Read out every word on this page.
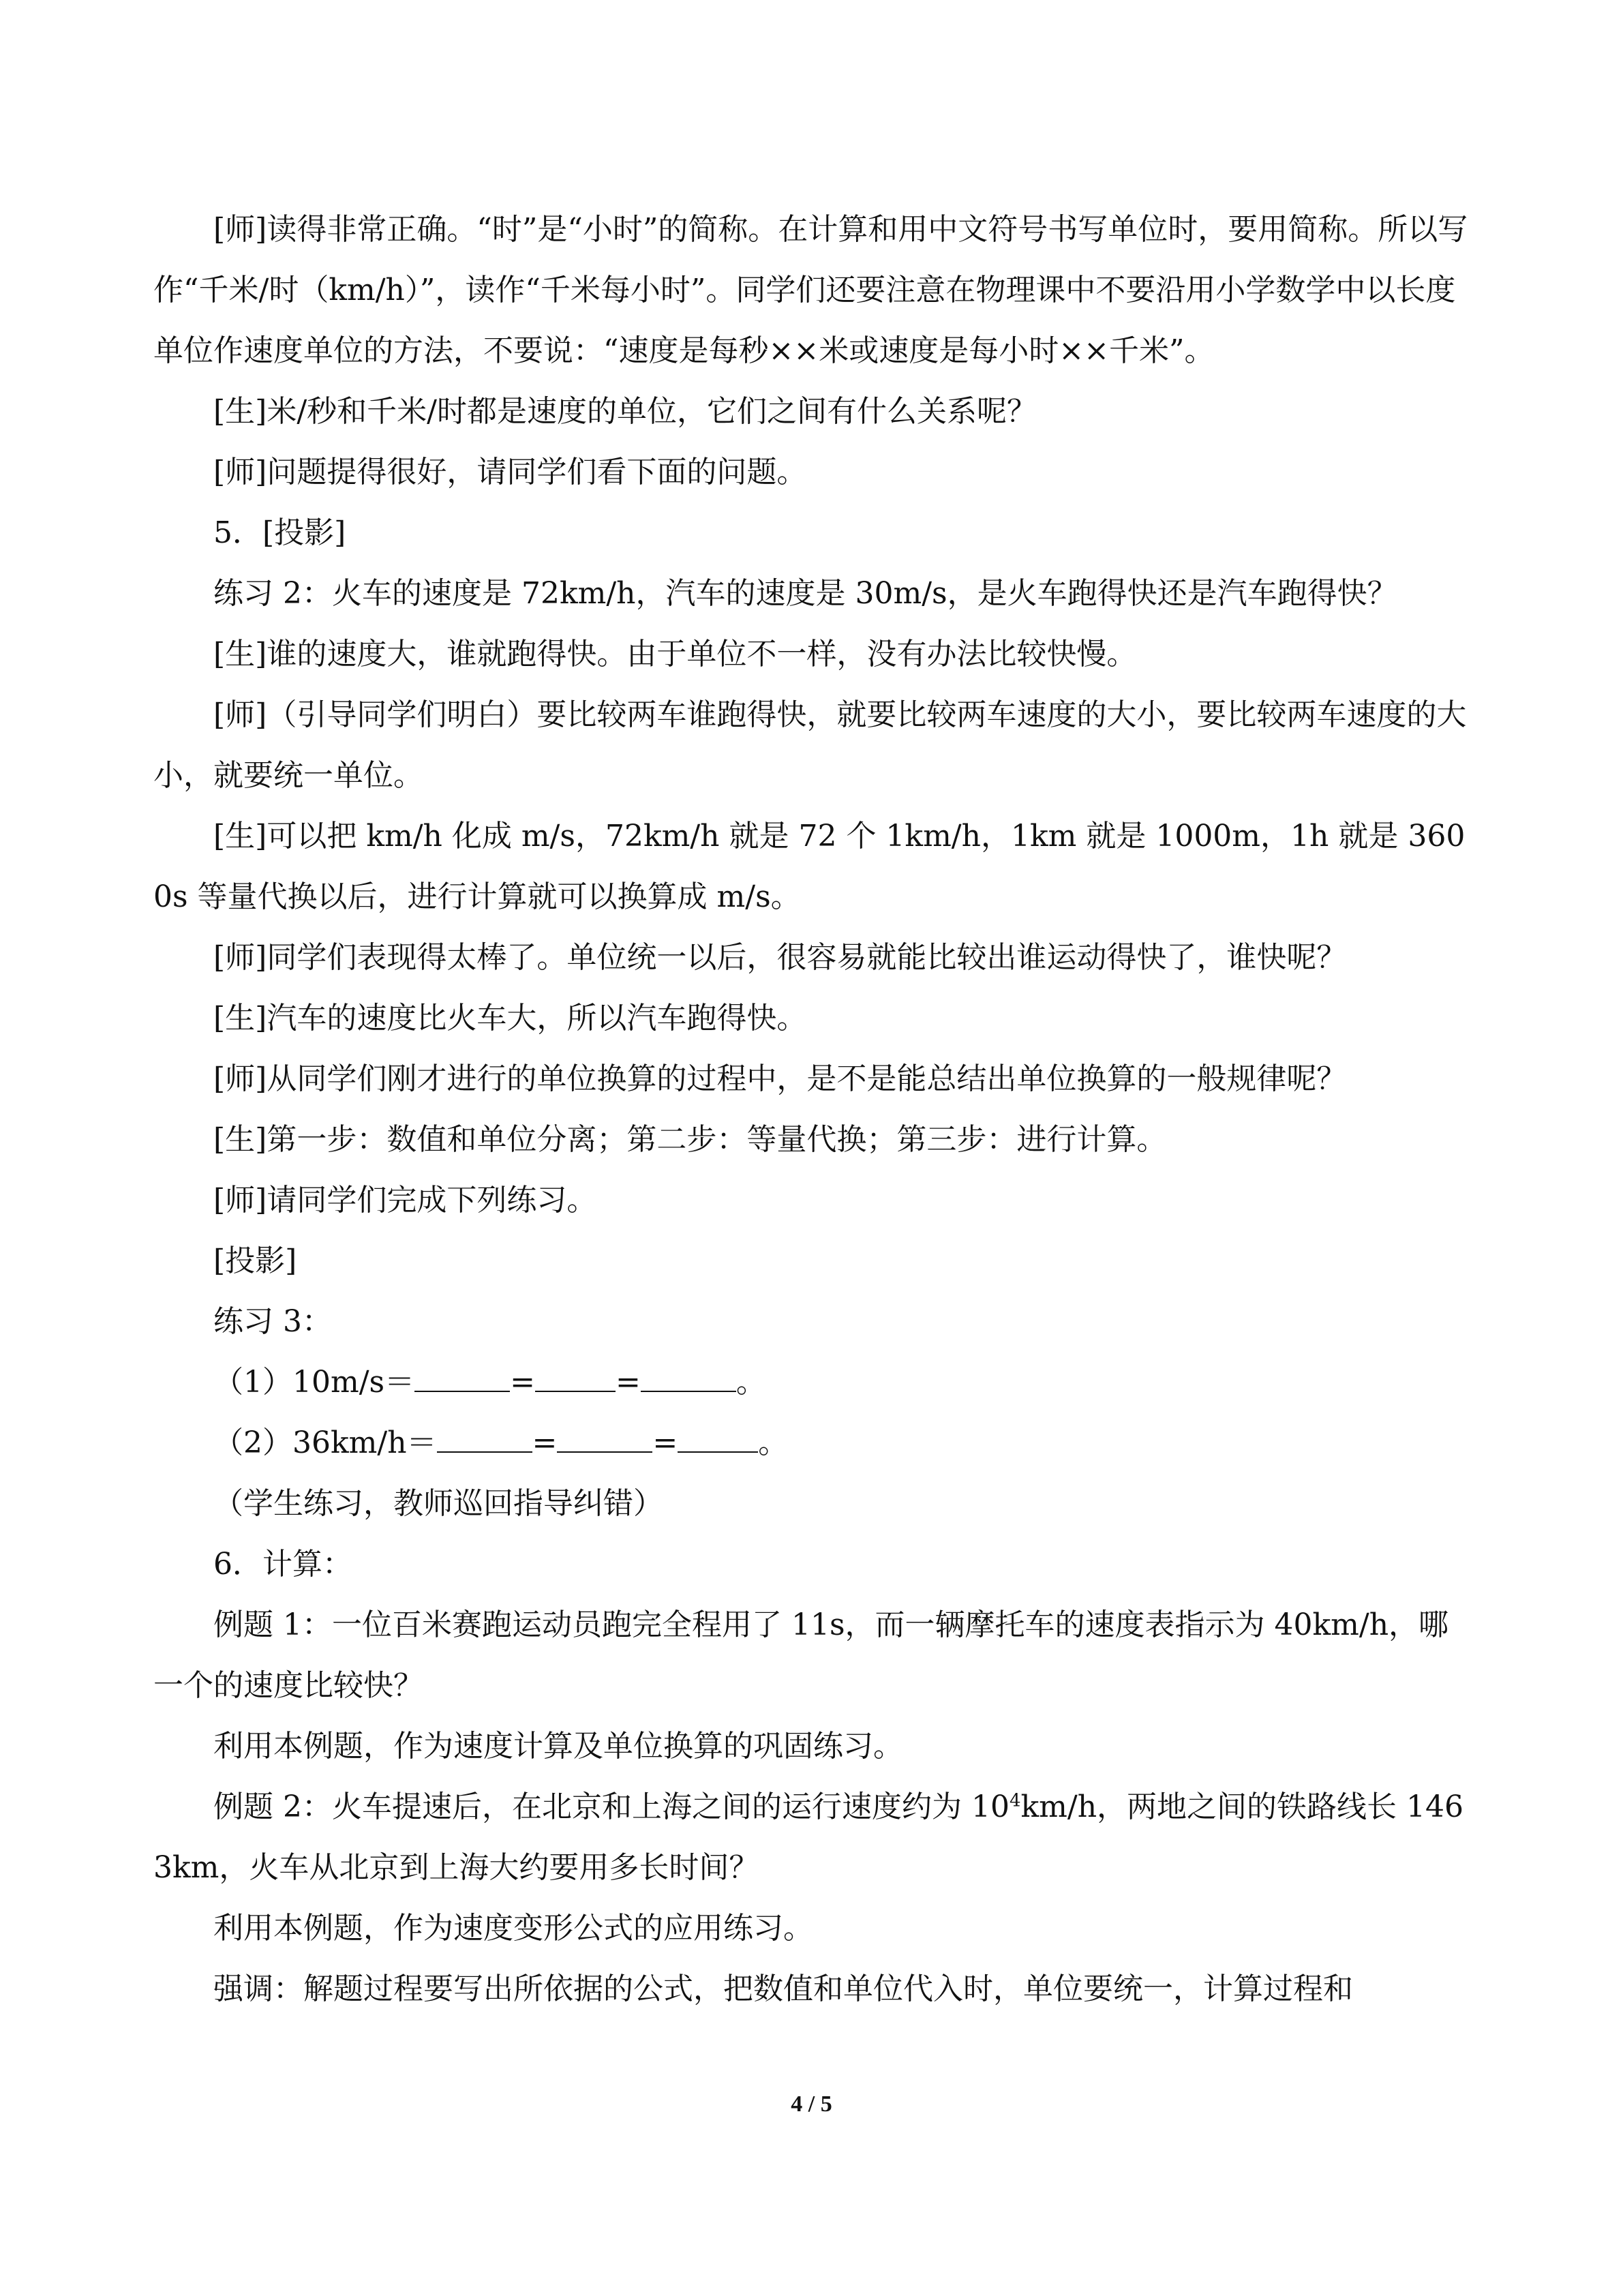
[师]读得非常正确。“时”是“小时”的简称。在计算和用中文符号书写单位时，要用简称。所以写作“千米/时（km/h）”，读作“千米每小时”。同学们还要注意在物理课中不要沿用小学数学中以长度单位作速度单位的方法，不要说：“速度是每秒××米或速度是每小时××千米”。

[生]米/秒和千米/时都是速度的单位，它们之间有什么关系呢？

[师]问题提得很好，请同学们看下面的问题。

5．[投影]

练习 2：火车的速度是 72km/h，汽车的速度是 30m/s，是火车跑得快还是汽车跑得快？

[生]谁的速度大，谁就跑得快。由于单位不一样，没有办法比较快慢。

[师]（引导同学们明白）要比较两车谁跑得快，就要比较两车速度的大小，要比较两车速度的大小，就要统一单位。

[生]可以把 km/h 化成 m/s，72km/h 就是 72 个 1km/h，1km 就是 1000m，1h 就是 3600s 等量代换以后，进行计算就可以换算成 m/s。

[师]同学们表现得太棒了。单位统一以后，很容易就能比较出谁运动得快了，谁快呢？

[生]汽车的速度比火车大，所以汽车跑得快。

[师]从同学们刚才进行的单位换算的过程中，是不是能总结出单位换算的一般规律呢？

[生]第一步：数值和单位分离；第二步：等量代换；第三步：进行计算。

[师]请同学们完成下列练习。

[投影]

练习 3：

（1）10m/s＝	=	=	。

（2）36km/h＝	=	=	。

（学生练习，教师巡回指导纠错）

6．计算：

例题 1：一位百米赛跑运动员跑完全程用了 11s，而一辆摩托车的速度表指示为 40km/h，哪一个的速度比较快？

利用本例题，作为速度计算及单位换算的巩固练习。

例题 2：火车提速后，在北京和上海之间的运行速度约为 $10^4km/h$，两地之间的铁路线长 1463km，火车从北京到上海大约要用多长时间？

利用本例题，作为速度变形公式的应用练习。

强调：解题过程要写出所依据的公式，把数值和单位代入时，单位要统一，计算过程和

4 / 5
